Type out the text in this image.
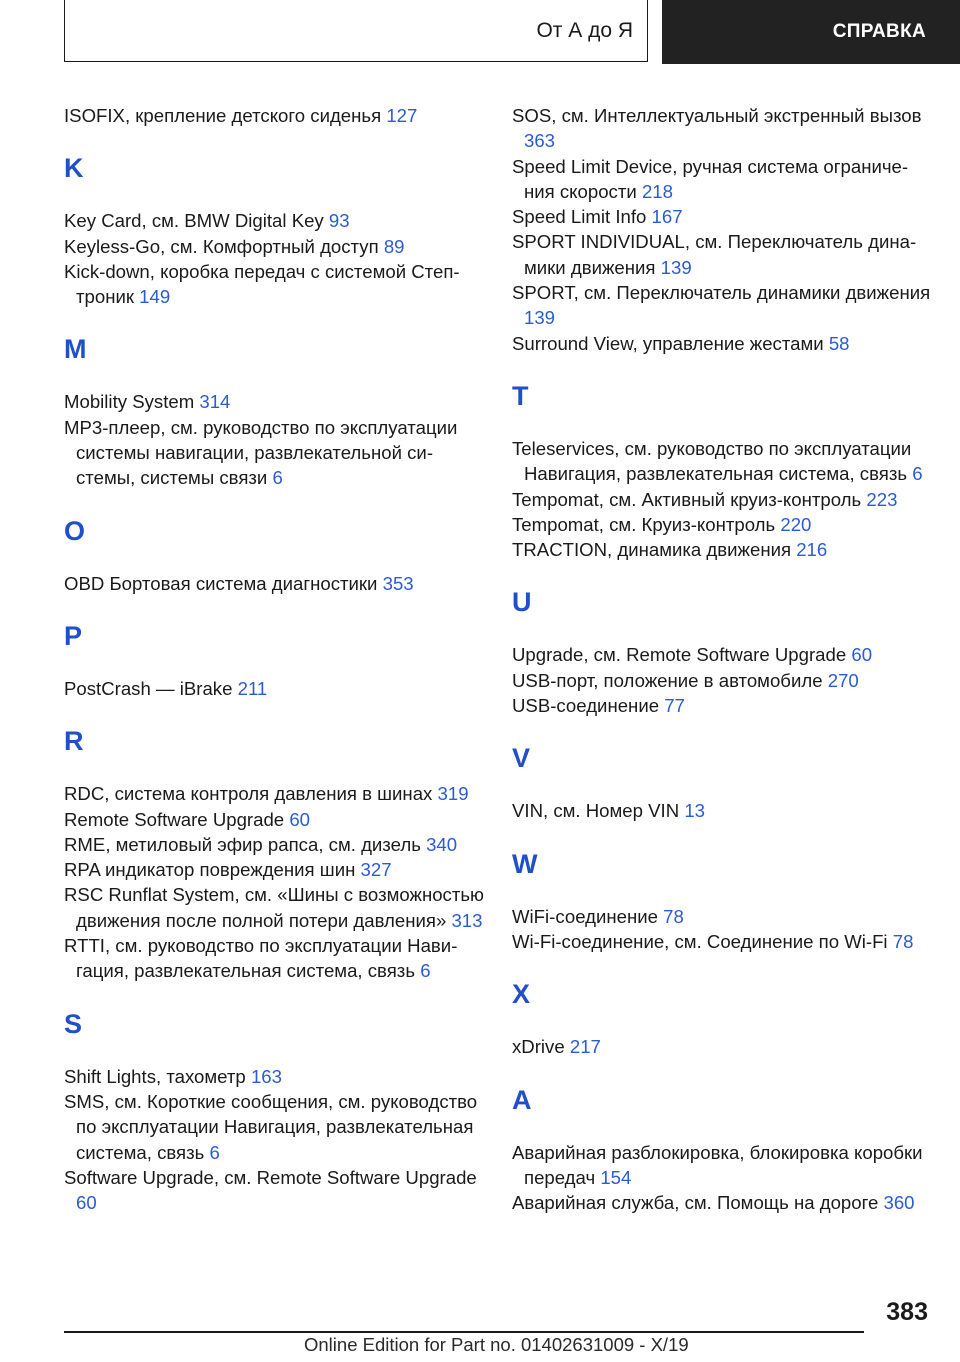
От А до Я	СПРАВКА
ISOFIX, крепление детского сиденья 127
K
Key Card, см. BMW Digital Key 93
Keyless-Go, см. Комфортный доступ 89
Kick-down, коробка передач с системой Стептроник 149
M
Mobility System 314
MP3-плеер, см. руководство по эксплуатации системы навигации, развлекательной системы, системы связи 6
O
OBD Бортовая система диагностики 353
P
PostCrash — iBrake 211
R
RDC, система контроля давления в шинах 319
Remote Software Upgrade 60
RME, метиловый эфир рапса, см. дизель 340
RPA индикатор повреждения шин 327
RSC Runflat System, см. «Шины с возможностью движения после полной потери давления» 313
RTTI, см. руководство по эксплуатации Навигация, развлекательная система, связь 6
S
Shift Lights, тахометр 163
SMS, см. Короткие сообщения, см. руководство по эксплуатации Навигация, развлекательная система, связь 6
Software Upgrade, см. Remote Software Upgrade 60
SOS, см. Интеллектуальный экстренный вызов 363
Speed Limit Device, ручная система ограничения скорости 218
Speed Limit Info 167
SPORT INDIVIDUAL, см. Переключатель динамики движения 139
SPORT, см. Переключатель динамики движения 139
Surround View, управление жестами 58
T
Teleservices, см. руководство по эксплуатации Навигация, развлекательная система, связь 6
Tempomat, см. Активный круиз-контроль 223
Tempomat, см. Круиз-контроль 220
TRACTION, динамика движения 216
U
Upgrade, см. Remote Software Upgrade 60
USB-порт, положение в автомобиле 270
USB-соединение 77
V
VIN, см. Номер VIN 13
W
WiFi-соединение 78
Wi-Fi-соединение, см. Соединение по Wi-Fi 78
X
xDrive 217
А
Аварийная разблокировка, блокировка коробки передач 154
Аварийная служба, см. Помощь на дороге 360
383
Online Edition for Part no. 01402631009 - X/19
